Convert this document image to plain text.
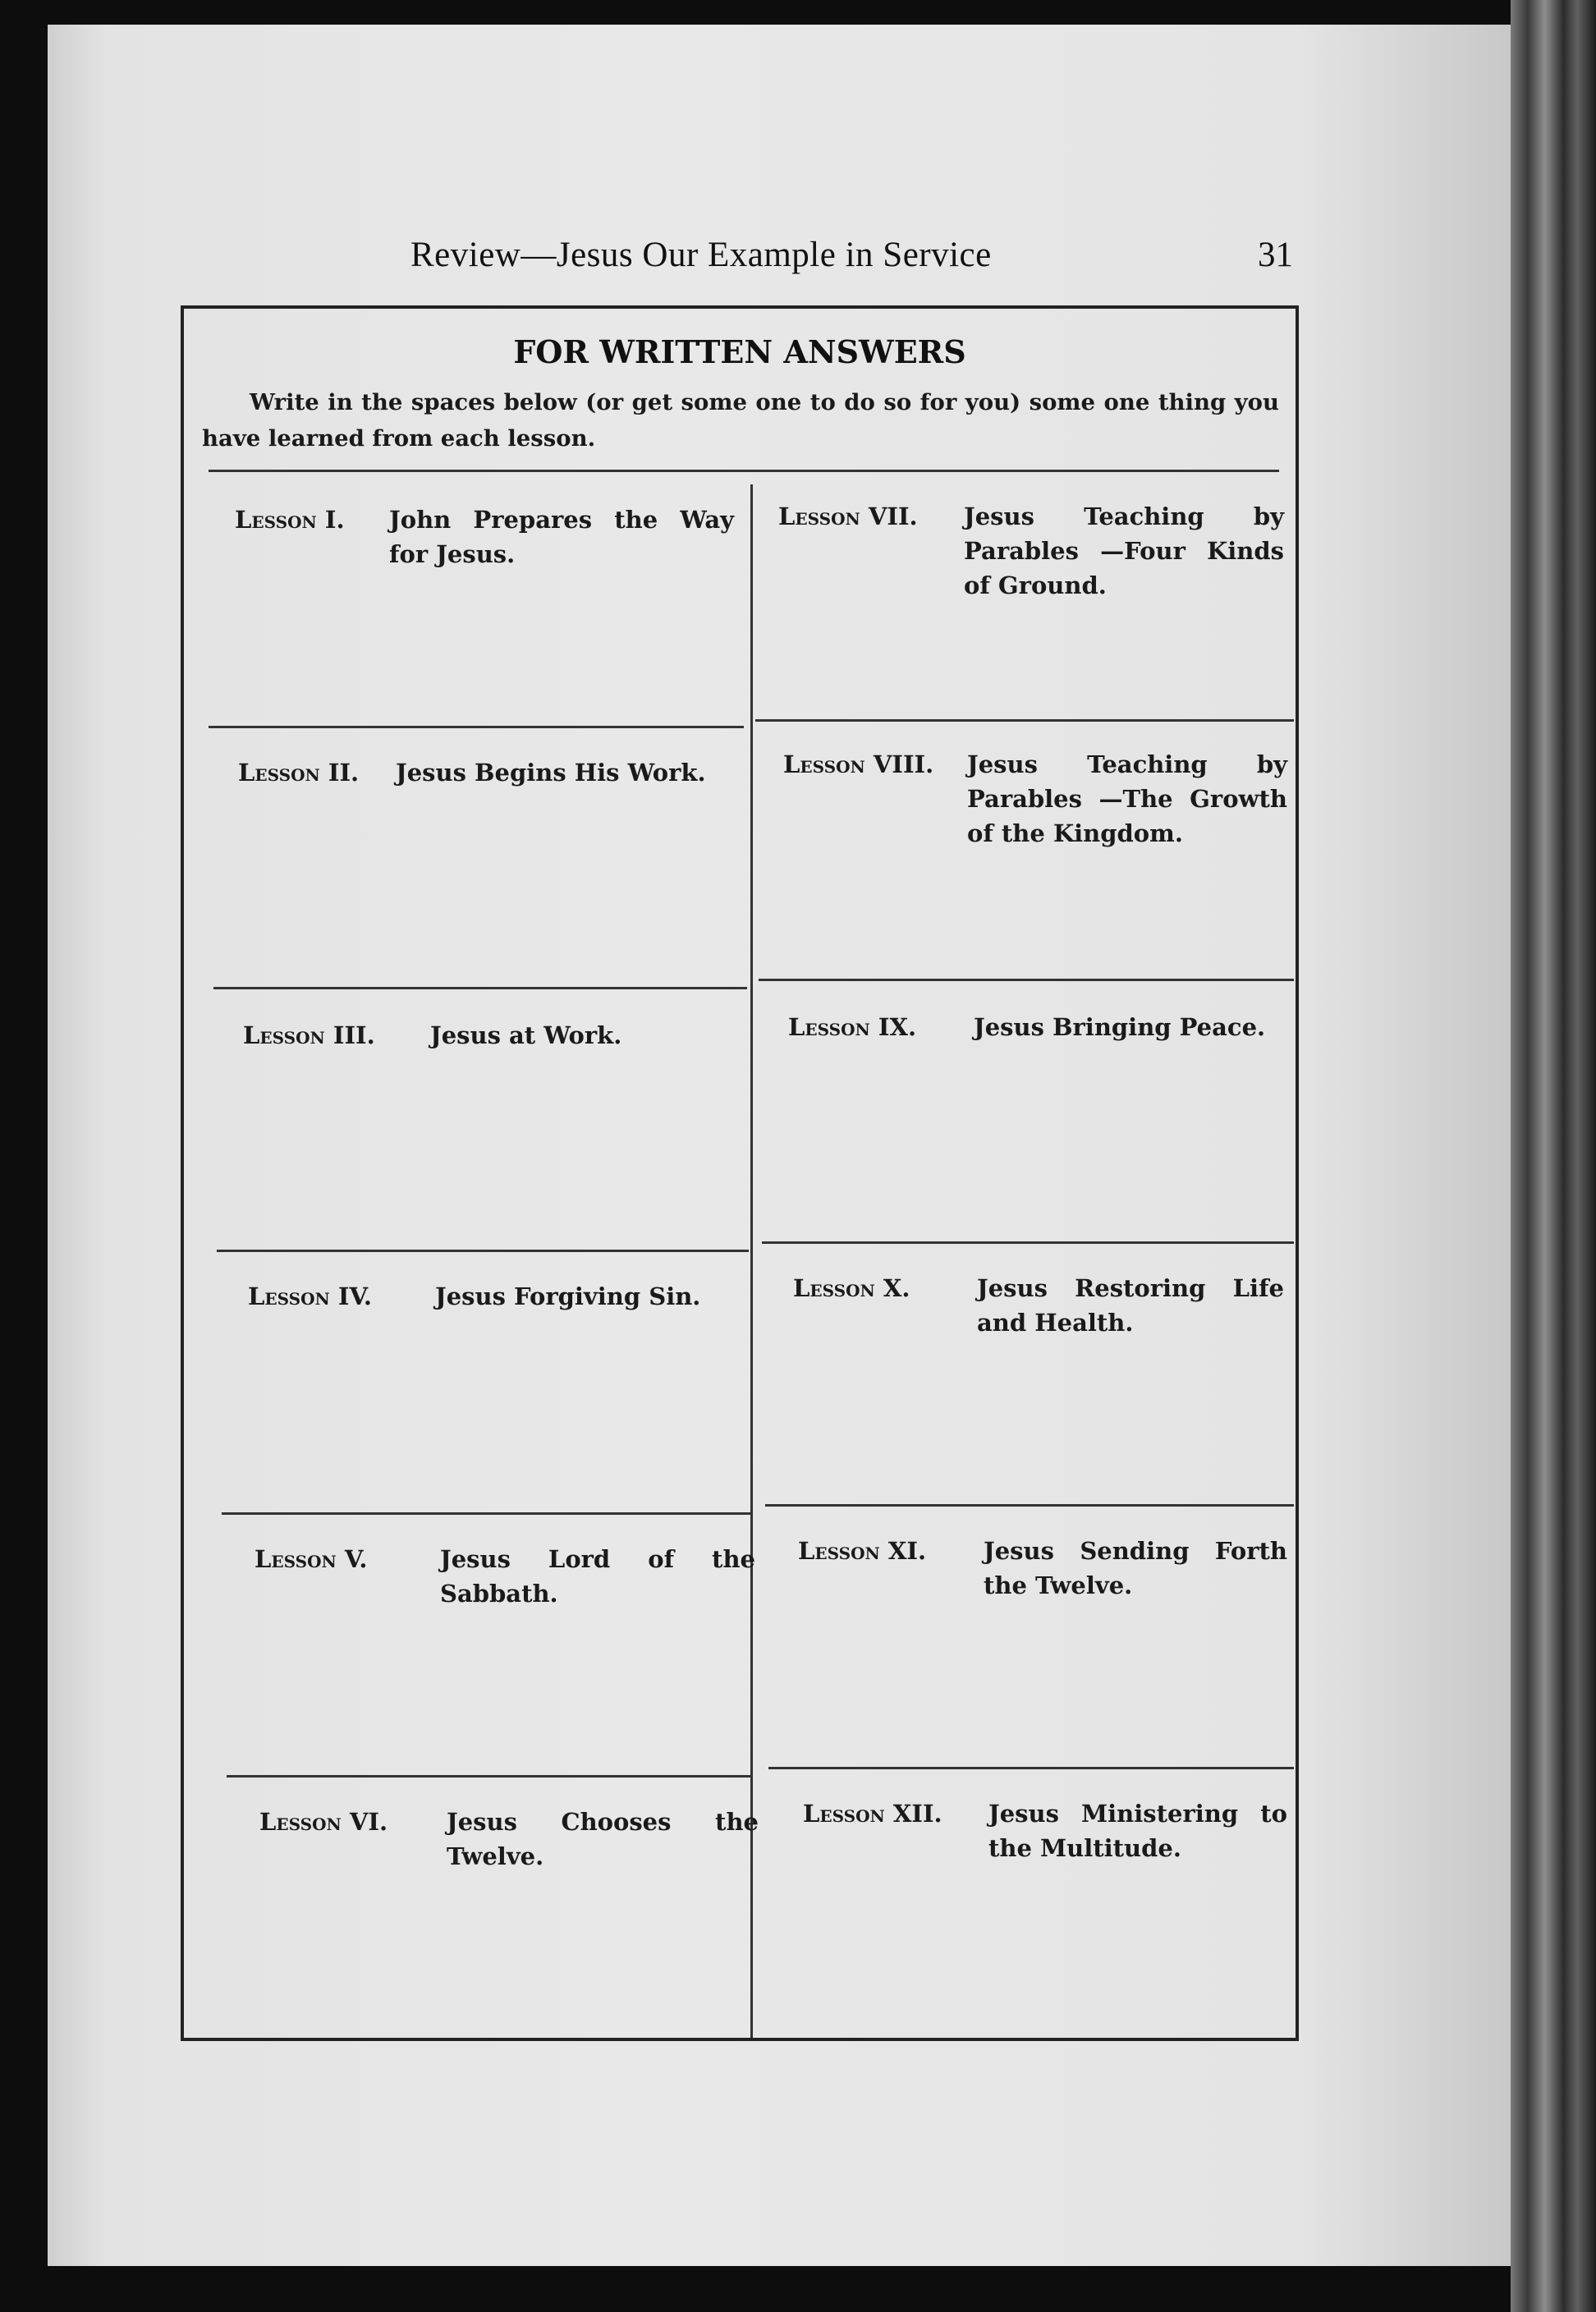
Review—Jesus Our Example in Service	31
FOR WRITTEN ANSWERS
Write in the spaces below (or get some one to do so for you) some one thing you have learned from each lesson.
Lesson I. John Prepares the Way for Jesus.
Lesson II. Jesus Begins His Work.
Lesson III. Jesus at Work.
Lesson IV.	Jesus Forgiving Sin.
Lesson V.	Jesus Lord of the Sabbath.
Lesson VI. Jesus Chooses the Twelve.
Lesson VII. Jesus Teaching by Parables —Four Kinds of Ground.
Lesson VIII. Jesus Teaching by Parables —The Growth of the Kingdom.
Lesson IX. Jesus Bringing Peace.
Lesson X.	Jesus Restoring Life and Health.
Lesson XI. Jesus Sending Forth the Twelve.
Lesson XII. Jesus Ministering to the Multitude.
